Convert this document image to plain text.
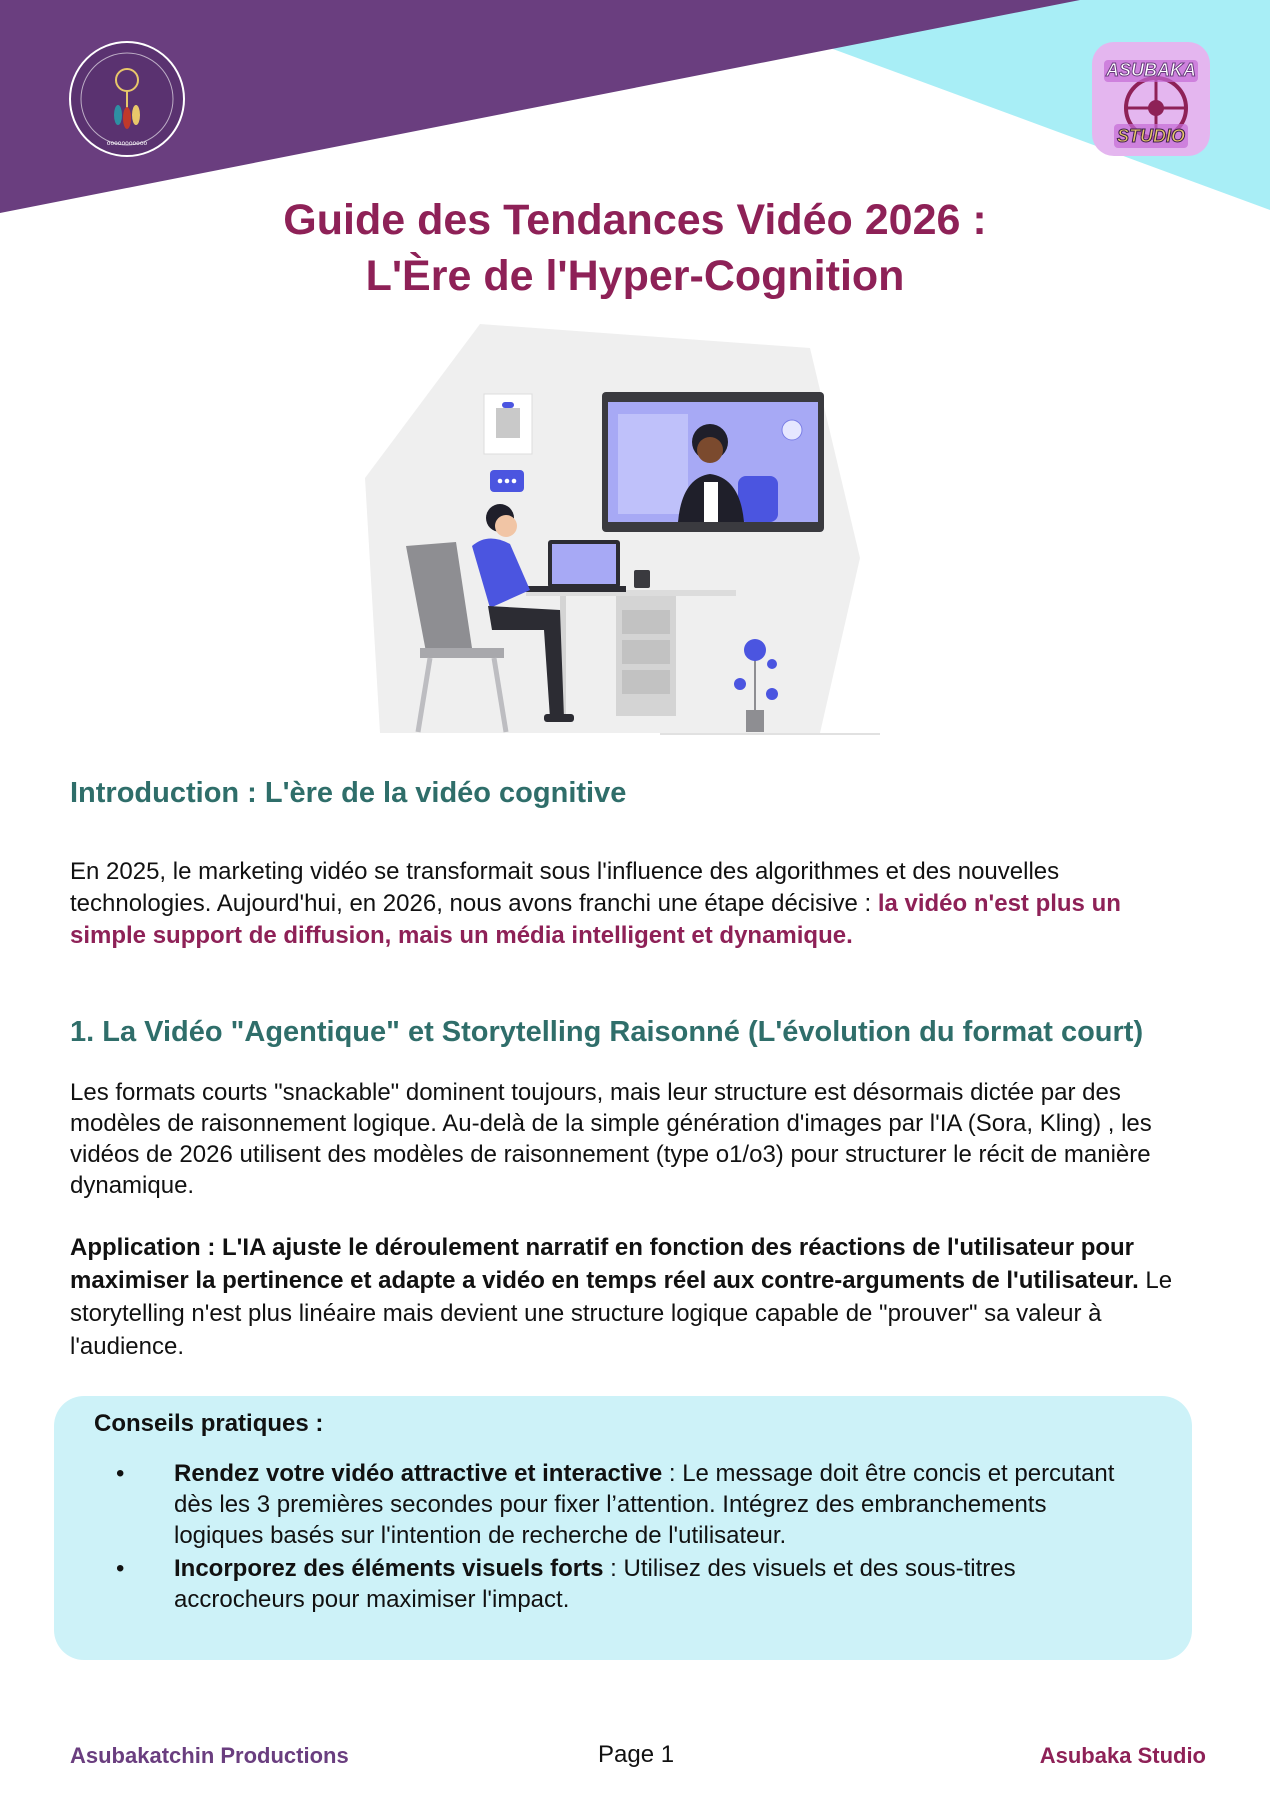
ooooooooooo
ASUBAKA
STUDIO
Guide des Tendances Vidéo 2026 :
L'Ère de l'Hyper-Cognition
Introduction : L'ère de la vidéo cognitive

En 2025, le marketing vidéo se transformait sous l'influence des algorithmes et des nouvelles technologies. Aujourd'hui, en 2026, nous avons franchi une étape décisive : la vidéo n'est plus un simple support de diffusion, mais un média intelligent et dynamique.

1. La Vidéo "Agentique" et Storytelling Raisonné (L'évolution du format court)

Les formats courts "snackable" dominent toujours, mais leur structure est désormais dictée par des modèles de raisonnement logique. Au-delà de la simple génération d'images par l'IA (Sora, Kling) , les vidéos de 2026 utilisent des modèles de raisonnement (type o1/o3) pour structurer le récit de manière dynamique.

Application : L'IA ajuste le déroulement narratif en fonction des réactions de l'utilisateur pour maximiser la pertinence et adapte a vidéo en temps réel aux contre-arguments de l'utilisateur. Le storytelling n'est plus linéaire mais devient une structure logique capable de "prouver" sa valeur à l'audience.

Conseils pratiques :

• Rendez votre vidéo attractive et interactive : Le message doit être concis et percutant dès les 3 premières secondes pour fixer l’attention. Intégrez des embranchements logiques basés sur l'intention de recherche de l'utilisateur.
• Incorporez des éléments visuels forts : Utilisez des visuels et des sous-titres accrocheurs pour maximiser l'impact.
Asubakatchin Productions	Page 1	Asubaka Studio
